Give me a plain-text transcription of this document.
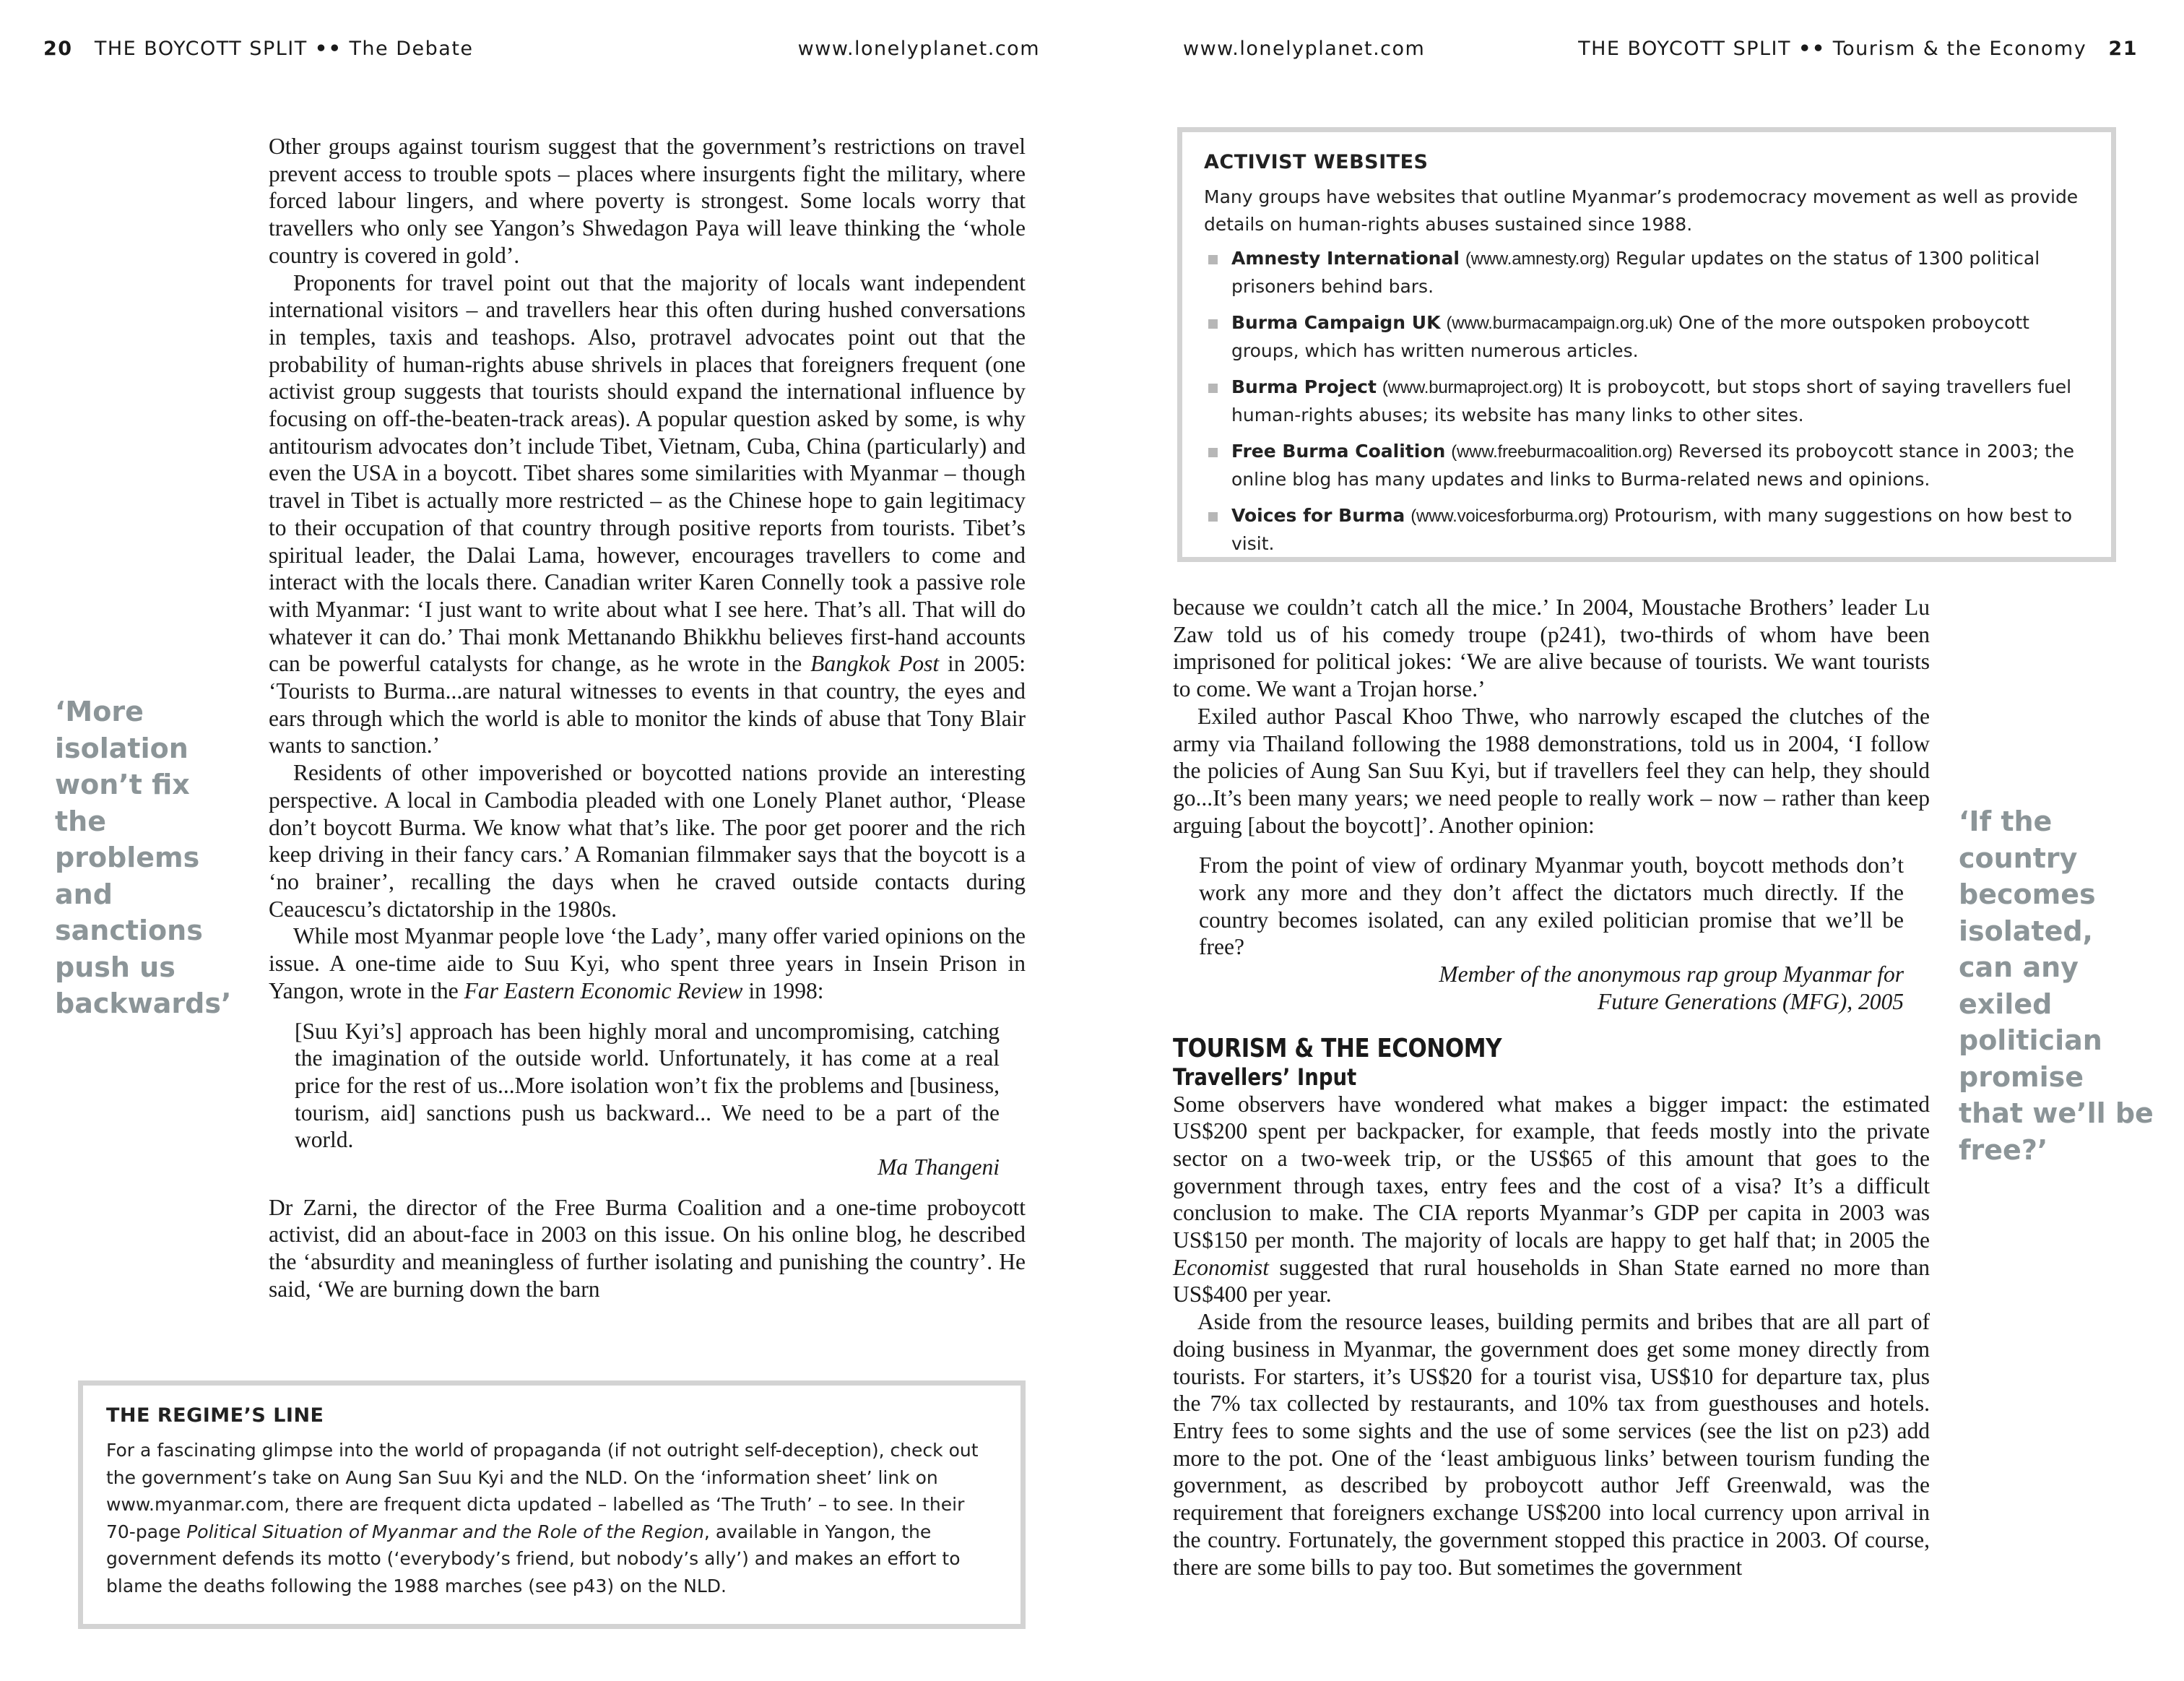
20 THE BOYCOTT SPLIT •• The Debate	www.lonelyplanet.com	www.lonelyplanet.com	THE BOYCOTT SPLIT •• Tourism & the Economy 21
‘More isolation won’t fix the problems and sanctions push us backwards’

Other groups against tourism suggest that the government’s restrictions on travel prevent access to trouble spots – places where insurgents fight the military, where forced labour lingers, and where poverty is strongest. Some locals worry that travellers who only see Yangon’s Shwedagon Paya will leave thinking the ‘whole country is covered in gold’.

Proponents for travel point out that the majority of locals want independent international visitors – and travellers hear this often during hushed conversations in temples, taxis and teashops. Also, protravel advocates point out that the probability of human-rights abuse shrivels in places that foreigners frequent (one activist group suggests that tourists should expand the international influence by focusing on off-the-beaten-track areas). A popular question asked by some, is why antitourism advocates don’t include Tibet, Vietnam, Cuba, China (particularly) and even the USA in a boycott. Tibet shares some similarities with Myanmar – though travel in Tibet is actually more restricted – as the Chinese hope to gain legitimacy to their occupation of that country through positive reports from tourists. Tibet’s spiritual leader, the Dalai Lama, however, encourages travellers to come and interact with the locals there. Canadian writer Karen Connelly took a passive role with Myanmar: ‘I just want to write about what I see here. That’s all. That will do whatever it can do.’ Thai monk Mettanando Bhikkhu believes first-hand accounts can be powerful catalysts for change, as he wrote in the Bangkok Post in 2005: ‘Tourists to Burma...are natural witnesses to events in that country, the eyes and ears through which the world is able to monitor the kinds of abuse that Tony Blair wants to sanction.’

Residents of other impoverished or boycotted nations provide an interesting perspective. A local in Cambodia pleaded with one Lonely Planet author, ‘Please don’t boycott Burma. We know what that’s like. The poor get poorer and the rich keep driving in their fancy cars.’ A Romanian filmmaker says that the boycott is a ‘no brainer’, recalling the days when he craved outside contacts during Ceaucescu’s dictatorship in the 1980s.

While most Myanmar people love ‘the Lady’, many offer varied opinions on the issue. A one-time aide to Suu Kyi, who spent three years in Insein Prison in Yangon, wrote in the Far Eastern Economic Review in 1998:

[Suu Kyi’s] approach has been highly moral and uncompromising, catching the imagination of the outside world. Unfortunately, it has come at a real price for the rest of us...More isolation won’t fix the problems and [business, tourism, aid] sanctions push us backward... We need to be a part of the world.

Ma Thangeni

Dr Zarni, the director of the Free Burma Coalition and a one-time proboycott activist, did an about-face in 2003 on this issue. On his online blog, he described the ‘absurdity and meaningless of further isolating and punishing the country’. He said, ‘We are burning down the barn

THE REGIME’S LINE

For a fascinating glimpse into the world of propaganda (if not outright self-deception), check out the government’s take on Aung San Suu Kyi and the NLD. On the ‘information sheet’ link on www.myanmar.com, there are frequent dicta updated – labelled as ‘The Truth’ – to see. In their 70-page Political Situation of Myanmar and the Role of the Region, available in Yangon, the government defends its motto (‘everybody’s friend, but nobody’s ally’) and makes an effort to blame the deaths following the 1988 marches (see p43) on the NLD.

ACTIVIST WEBSITES

Many groups have websites that outline Myanmar’s prodemocracy movement as well as provide details on human-rights abuses sustained since 1988.

Amnesty International (www.amnesty.org) Regular updates on the status of 1300 political prisoners behind bars.
Burma Campaign UK (www.burmacampaign.org.uk) One of the more outspoken proboycott groups, which has written numerous articles.
Burma Project (www.burmaproject.org) It is proboycott, but stops short of saying travellers fuel human-rights abuses; its website has many links to other sites.
Free Burma Coalition (www.freeburmacoalition.org) Reversed its proboycott stance in 2003; the online blog has many updates and links to Burma-related news and opinions.
Voices for Burma (www.voicesforburma.org) Protourism, with many suggestions on how best to visit.
‘If the country becomes isolated, can any exiled politician promise that we’ll be free?’

because we couldn’t catch all the mice.’ In 2004, Moustache Brothers’ leader Lu Zaw told us of his comedy troupe (p241), two-thirds of whom have been imprisoned for political jokes: ‘We are alive because of tourists. We want tourists to come. We want a Trojan horse.’

Exiled author Pascal Khoo Thwe, who narrowly escaped the clutches of the army via Thailand following the 1988 demonstrations, told us in 2004, ‘I follow the policies of Aung San Suu Kyi, but if travellers feel they can help, they should go...It’s been many years; we need people to really work – now – rather than keep arguing [about the boycott]’. Another opinion:

From the point of view of ordinary Myanmar youth, boycott methods don’t work any more and they don’t affect the dictators much directly. If the country becomes isolated, can any exiled politician promise that we’ll be free?

Member of the anonymous rap group Myanmar for

Future Generations (MFG), 2005

TOURISM & THE ECONOMY
Travellers’ Input

Some observers have wondered what makes a bigger impact: the estimated US$200 spent per backpacker, for example, that feeds mostly into the private sector on a two-week trip, or the US$65 of this amount that goes to the government through taxes, entry fees and the cost of a visa? It’s a difficult conclusion to make. The CIA reports Myanmar’s GDP per capita in 2003 was US$150 per month. The majority of locals are happy to get half that; in 2005 the Economist suggested that rural households in Shan State earned no more than US$400 per year.

Aside from the resource leases, building permits and bribes that are all part of doing business in Myanmar, the government does get some money directly from tourists. For starters, it’s US$20 for a tourist visa, US$10 for departure tax, plus the 7% tax collected by restaurants, and 10% tax from guesthouses and hotels. Entry fees to some sights and the use of some services (see the list on p23) add more to the pot. One of the ‘least ambiguous links’ between tourism funding the government, as described by proboycott author Jeff Greenwald, was the requirement that foreigners exchange US$200 into local currency upon arrival in the country. Fortunately, the government stopped this practice in 2003. Of course, there are some bills to pay too. But sometimes the government
